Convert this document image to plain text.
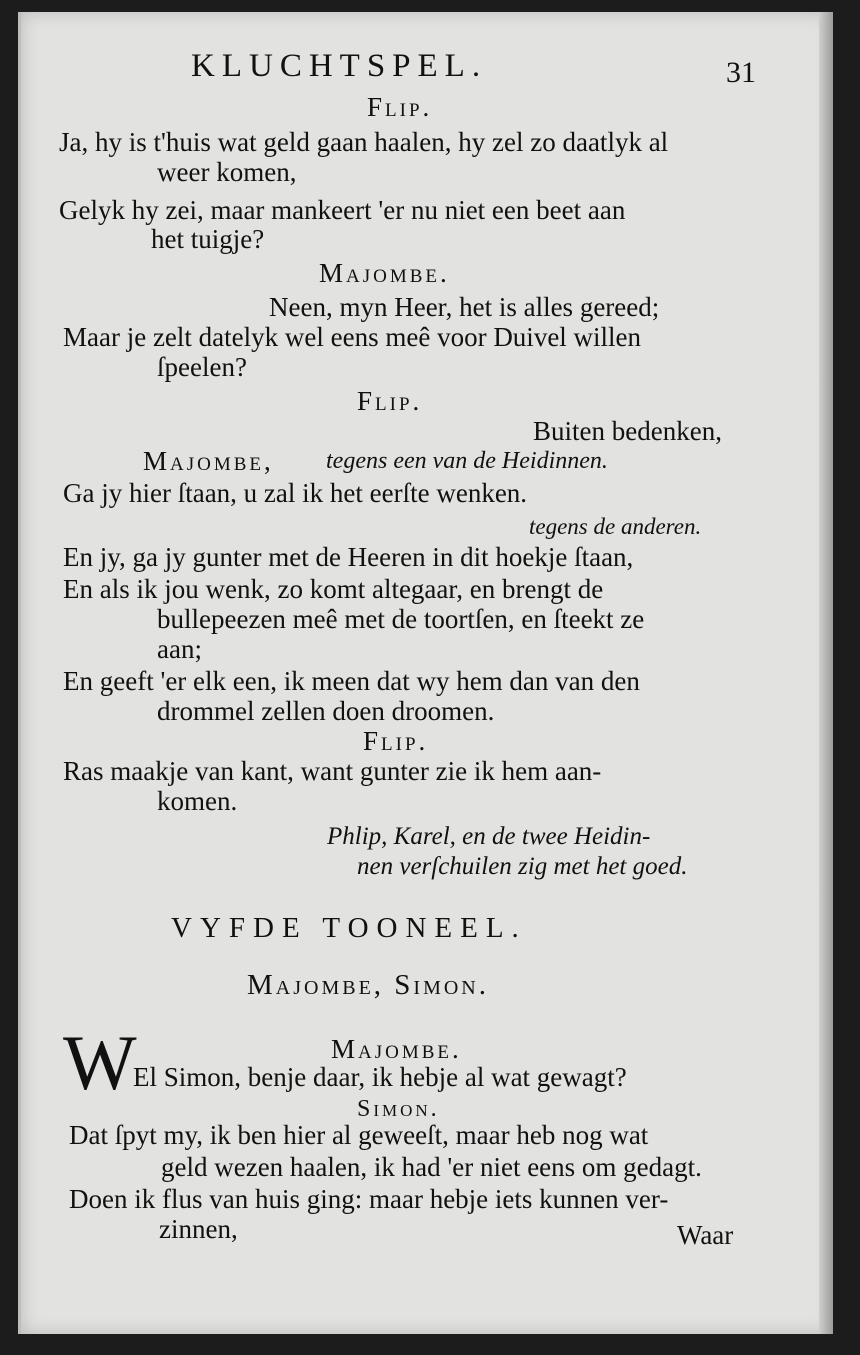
KLUCHTSPEL.	31
Flip.
Ja, hy is t'huis wat geld gaan haalen, hy zel zo daatlyk al
weer komen,
Gelyk hy zei, maar mankeert 'er nu niet een beet aan
het tuigje?
Majombe.
Neen, myn Heer, het is alles gereed;
Maar je zelt datelyk wel eens meê voor Duivel willen
ſpeelen?
Flip.
Buiten bedenken,
Majombe, tegens een van de Heidinnen.
Ga jy hier ſtaan, u zal ik het eerſte wenken.
tegens de anderen.
En jy, ga jy gunter met de Heeren in dit hoekje ſtaan,
En als ik jou wenk, zo komt altegaar, en brengt de
bullepeezen meê met de toortſen, en ſteekt ze
aan;
En geeft 'er elk een, ik meen dat wy hem dan van den
drommel zellen doen droomen.
Flip.
Ras maakje van kant, want gunter zie ik hem aan-
komen.
Phlip, Karel, en de twee Heidin-
nen verſchuilen zig met het goed.
VYFDE TOONEEL.
Majombe, Simon.
Majombe.
W
El Simon, benje daar, ik hebje al wat gewagt?
Simon.
Dat ſpyt my, ik ben hier al geweeſt, maar heb nog wat
geld wezen haalen, ik had 'er niet eens om gedagt.
Doen ik flus van huis ging: maar hebje iets kunnen ver-
zinnen,	Waar
